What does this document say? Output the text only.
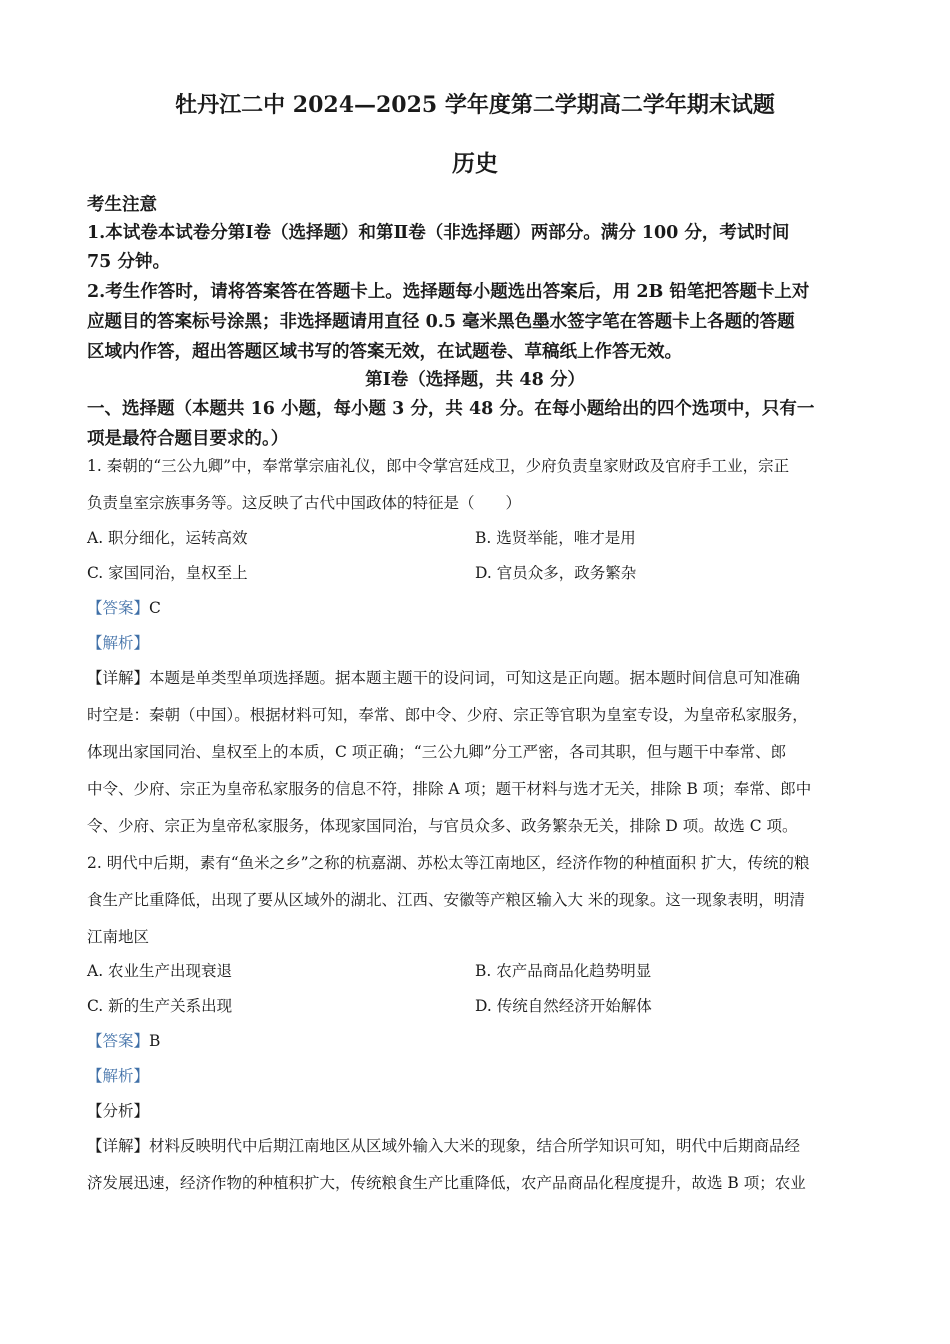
牡丹江二中 2024—2025 学年度第二学期高二学年期末试题
历史
考生注意
1.本试卷本试卷分第Ⅰ卷（选择题）和第Ⅱ卷（非选择题）两部分。满分 100 分，考试时间
75 分钟。
2.考生作答时，请将答案答在答题卡上。选择题每小题选出答案后，用 2B 铅笔把答题卡上对
应题目的答案标号涂黑；非选择题请用直径 0.5 毫米黑色墨水签字笔在答题卡上各题的答题
区域内作答，超出答题区域书写的答案无效，在试题卷、草稿纸上作答无效。
第Ⅰ卷（选择题，共 48 分）
一、选择题（本题共 16 小题，每小题 3 分，共 48 分。在每小题给出的四个选项中，只有一
项是最符合题目要求的。）
1. 秦朝的“三公九卿”中，奉常掌宗庙礼仪，郎中令掌宫廷戍卫，少府负责皇家财政及官府手工业，宗正
负责皇室宗族事务等。这反映了古代中国政体的特征是（　　）
A. 职分细化，运转高效	B. 选贤举能，唯才是用
C. 家国同治，皇权至上	D. 官员众多，政务繁杂
【答案】C
【解析】
【详解】本题是单类型单项选择题。据本题主题干的设问词，可知这是正向题。据本题时间信息可知准确
时空是：秦朝（中国）。根据材料可知，奉常、郎中令、少府、宗正等官职为皇室专设，为皇帝私家服务，
体现出家国同治、皇权至上的本质，C 项正确；“三公九卿”分工严密，各司其职，但与题干中奉常、郎
中令、少府、宗正为皇帝私家服务的信息不符，排除 A 项；题干材料与选才无关，排除 B 项；奉常、郎中
令、少府、宗正为皇帝私家服务，体现家国同治，与官员众多、政务繁杂无关，排除 D 项。故选 C 项。
2. 明代中后期，素有“鱼米之乡”之称的杭嘉湖、苏松太等江南地区，经济作物的种植面积 扩大，传统的粮
食生产比重降低，出现了要从区域外的湖北、江西、安徽等产粮区输入大 米的现象。这一现象表明，明清
江南地区
A. 农业生产出现衰退	B. 农产品商品化趋势明显
C. 新的生产关系出现	D. 传统自然经济开始解体
【答案】B
【解析】
【分析】
【详解】材料反映明代中后期江南地区从区域外输入大米的现象，结合所学知识可知，明代中后期商品经
济发展迅速，经济作物的种植积扩大，传统粮食生产比重降低，农产品商品化程度提升，故选 B 项；农业
